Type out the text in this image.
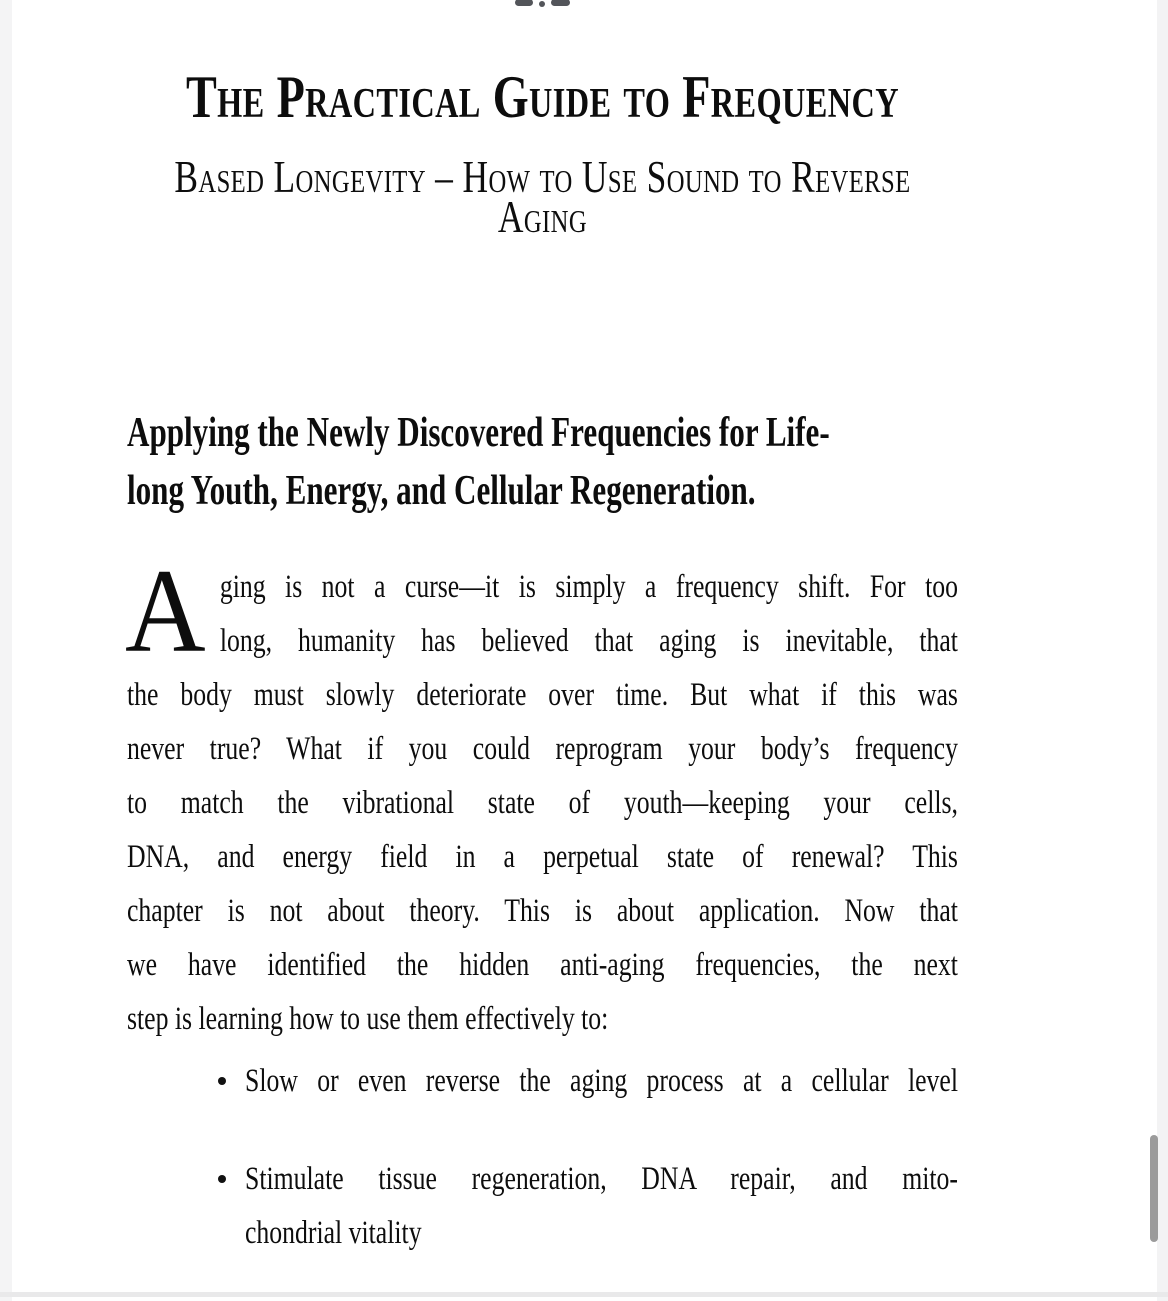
The Practical Guide to Frequency
Based Longevity – How to Use Sound to Reverse
Aging
Applying the Newly Discovered Frequencies for Life-
long Youth, Energy, and Cellular Regeneration.
A ging is not a curse—it is simply a frequency shift. For too
long, humanity has believed that aging is inevitable, that
the body must slowly deteriorate over time. But what if this was
never true? What if you could reprogram your body’s frequency
to match the vibrational state of youth—keeping your cells,
DNA, and energy field in a perpetual state of renewal? This
chapter is not about theory. This is about application. Now that
we have identified the hidden anti-aging frequencies, the next
step is learning how to use them effectively to:
Slow or even reverse the aging process at a cellular level
Stimulate tissue regeneration, DNA repair, and mito-
chondrial vitality
